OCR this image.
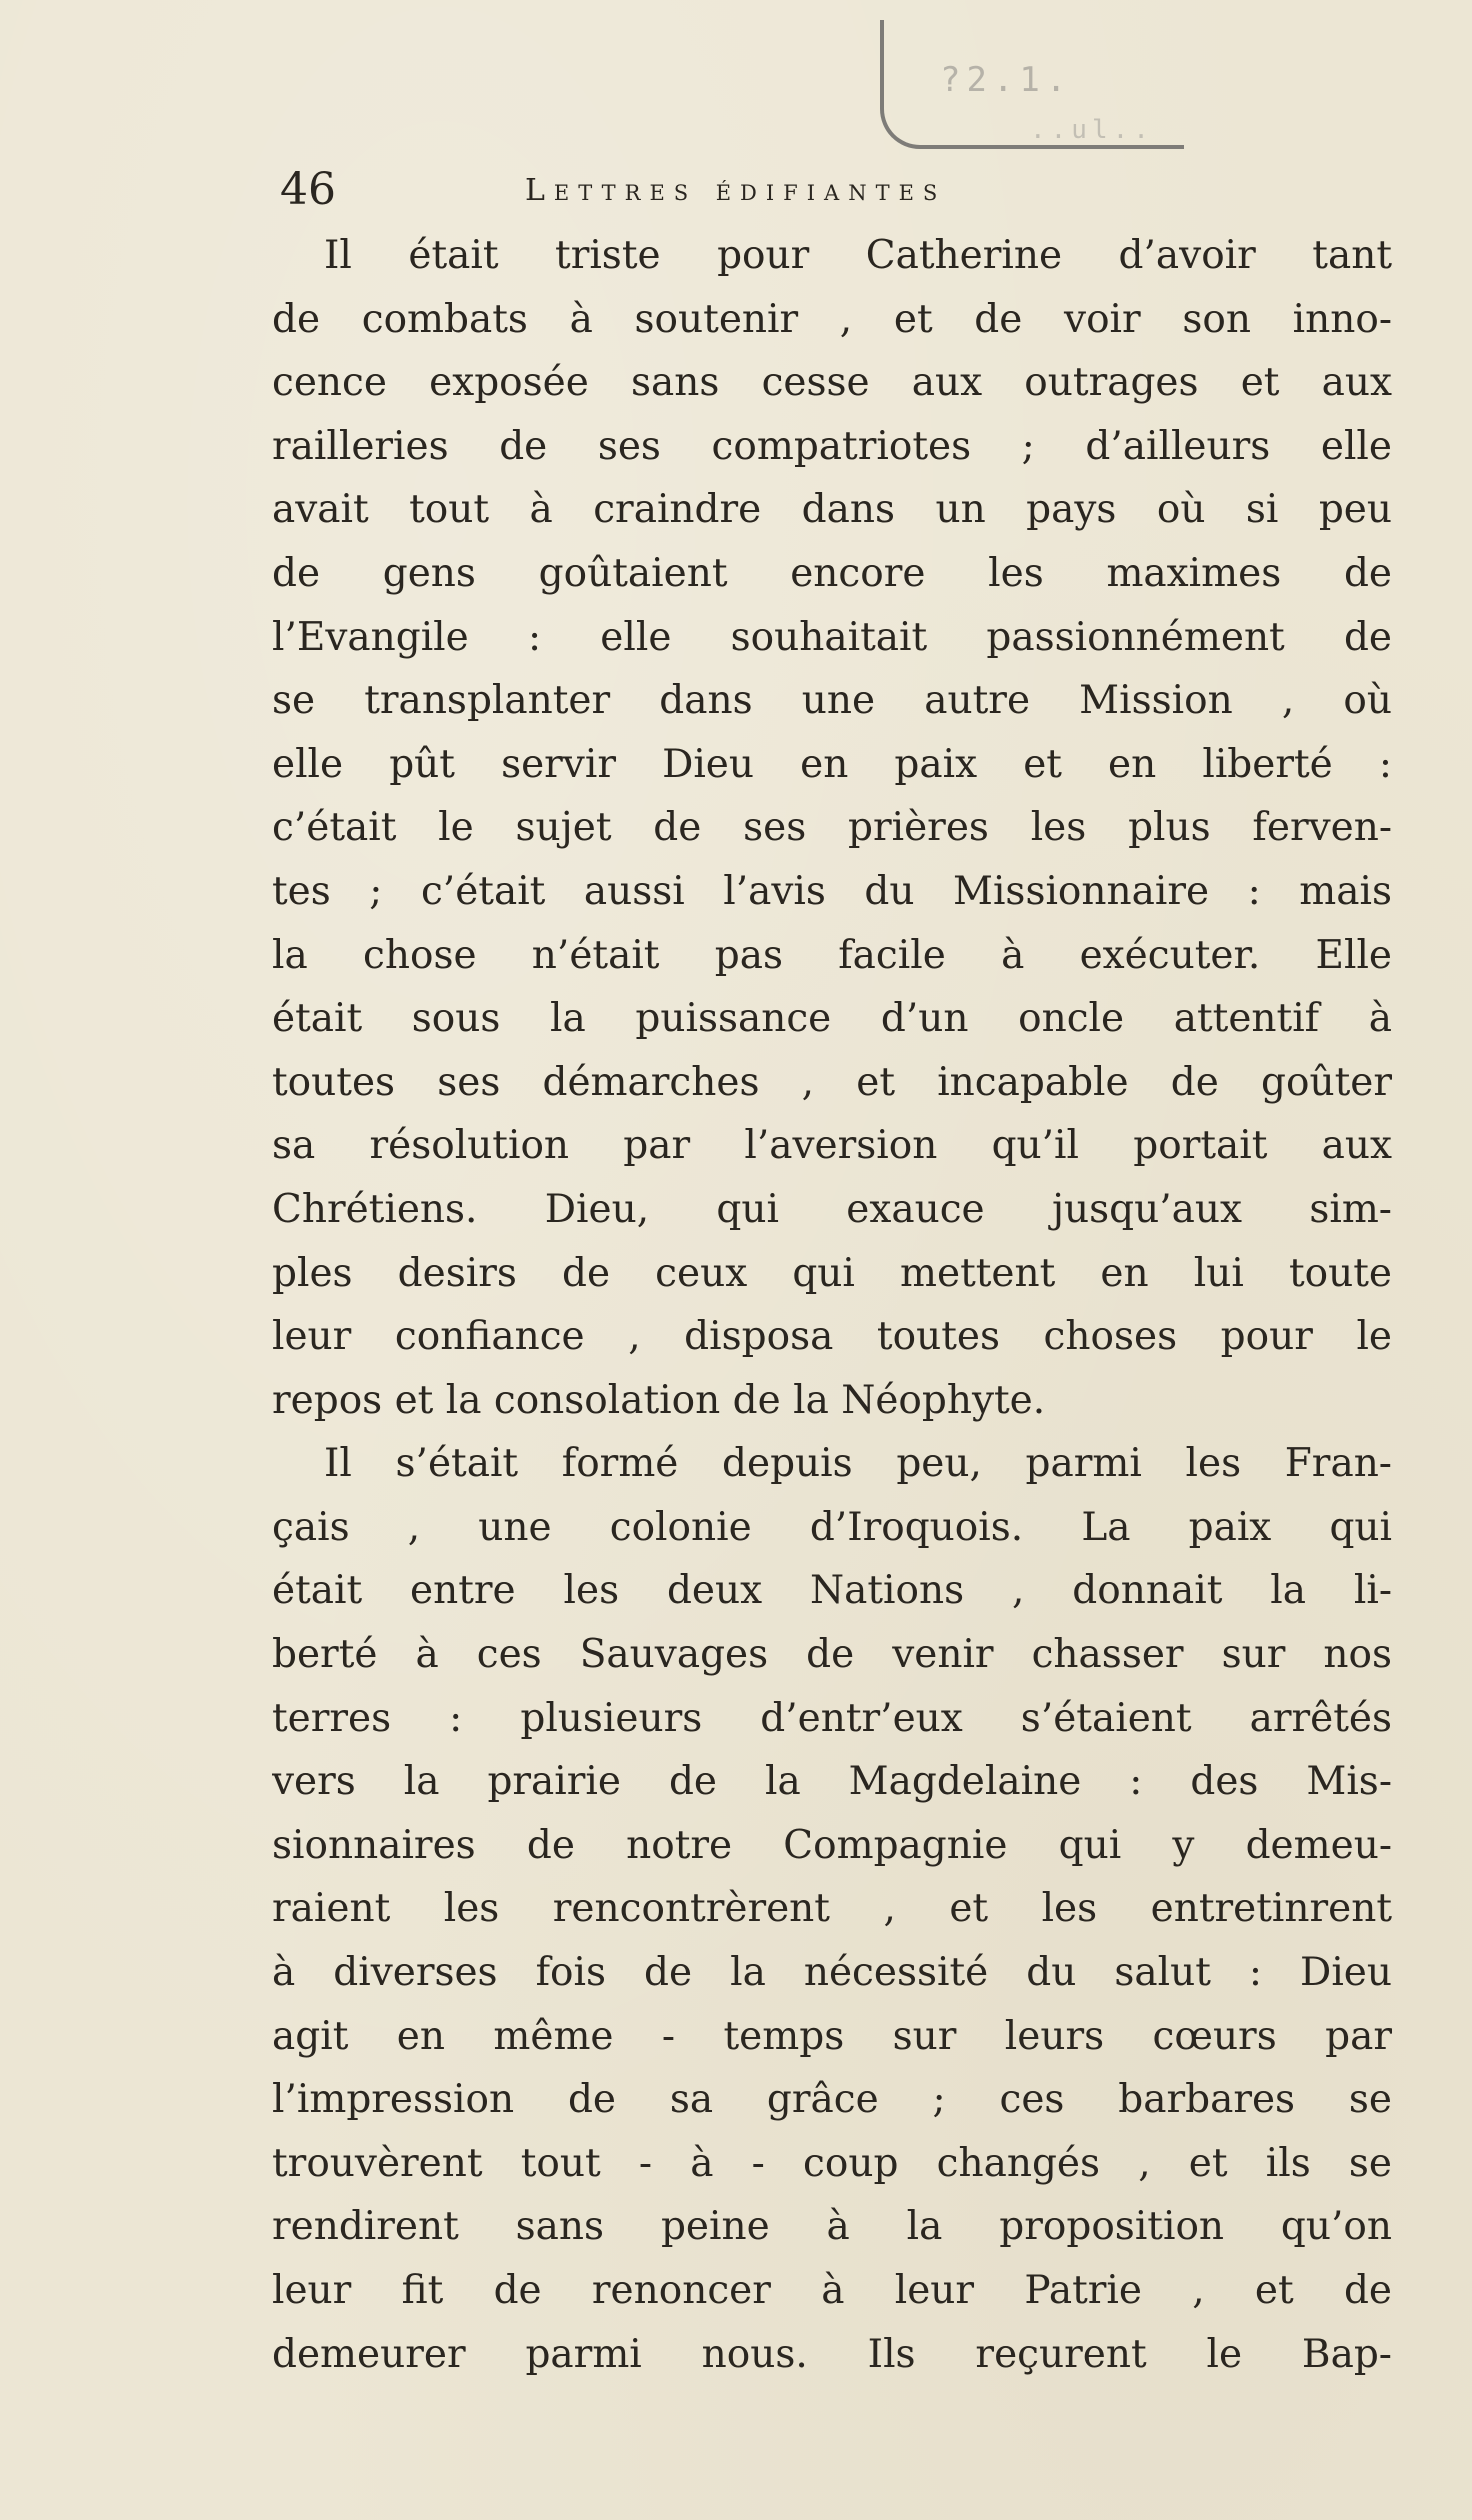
?2.1.
..ul..
46	Lettres édifiantes
Il était triste pour Catherine d’avoir tant
de combats à soutenir , et de voir son inno-
cence exposée sans cesse aux outrages et aux
railleries de ses compatriotes ; d’ailleurs elle
avait tout à craindre dans un pays où si peu
de gens goûtaient encore les maximes de
l’Evangile : elle souhaitait passionnément de
se transplanter dans une autre Mission , où
elle pût servir Dieu en paix et en liberté :
c’était le sujet de ses prières les plus ferven-
tes ; c’était aussi l’avis du Missionnaire : mais
la chose n’était pas facile à exécuter. Elle
était sous la puissance d’un oncle attentif à
toutes ses démarches , et incapable de goûter
sa résolution par l’aversion qu’il portait aux
Chrétiens. Dieu, qui exauce jusqu’aux sim-
ples desirs de ceux qui mettent en lui toute
leur confiance , disposa toutes choses pour le
repos et la consolation de la Néophyte.
Il s’était formé depuis peu, parmi les Fran-
çais , une colonie d’Iroquois. La paix qui
était entre les deux Nations , donnait la li-
berté à ces Sauvages de venir chasser sur nos
terres : plusieurs d’entr’eux s’étaient arrêtés
vers la prairie de la Magdelaine : des Mis-
sionnaires de notre Compagnie qui y demeu-
raient les rencontrèrent , et les entretinrent
à diverses fois de la nécessité du salut : Dieu
agit en même - temps sur leurs cœurs par
l’impression de sa grâce ; ces barbares se
trouvèrent tout - à - coup changés , et ils se
rendirent sans peine à la proposition qu’on
leur fit de renoncer à leur Patrie , et de
demeurer parmi nous. Ils reçurent le Bap-
